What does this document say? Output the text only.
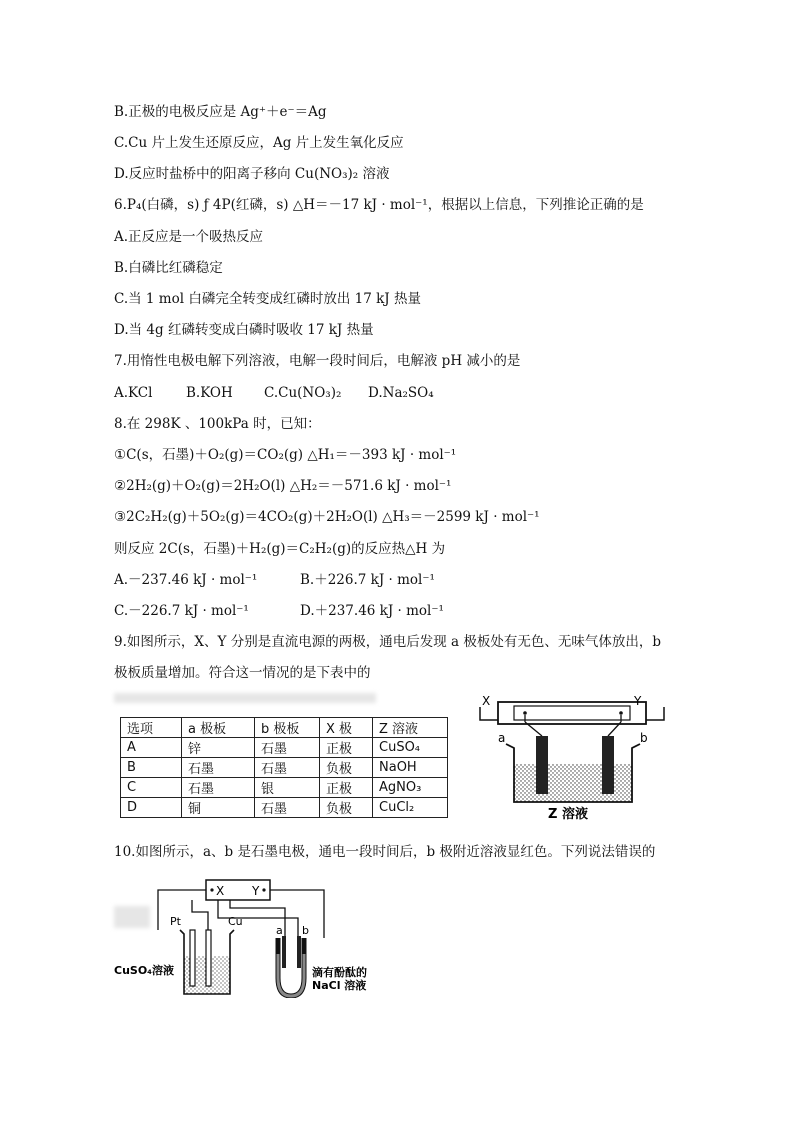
B.正极的电极反应是 Ag⁺＋e⁻＝Ag
C.Cu 片上发生还原反应，Ag 片上发生氧化反应
D.反应时盐桥中的阳离子移向 Cu(NO₃)₂ 溶液
6.P₄(白磷，s) ƒ 4P(红磷，s) △H＝－17 kJ · mol⁻¹，根据以上信息，下列推论正确的是
A.正反应是一个吸热反应
B.白磷比红磷稳定
C.当 1 mol 白磷完全转变成红磷时放出 17 kJ 热量
D.当 4g 红磷转变成白磷时吸收 17 kJ 热量
7.用惰性电极电解下列溶液，电解一段时间后，电解液 pH 减小的是
A.KCl B.KOH C.Cu(NO₃)₂ D.Na₂SO₄
8.在 298K 、100kPa 时，已知：
①C(s，石墨)＋O₂(g)＝CO₂(g) △H₁＝－393 kJ · mol⁻¹
②2H₂(g)＋O₂(g)＝2H₂O(l) △H₂＝－571.6 kJ · mol⁻¹
③2C₂H₂(g)＋5O₂(g)＝4CO₂(g)＋2H₂O(l) △H₃＝－2599 kJ · mol⁻¹
则反应 2C(s，石墨)＋H₂(g)＝C₂H₂(g)的反应热△H 为
A.－237.46 kJ · mol⁻¹	B.＋226.7 kJ · mol⁻¹
C.－226.7 kJ · mol⁻¹	D.＋237.46 kJ · mol⁻¹
9.如图所示，X、Y 分别是直流电源的两极，通电后发现 a 极板处有无色、无味气体放出，b
极板质量增加。符合这一情况的是下表中的
选项	a 极板	b 极板	X 极	Z 溶液
A	锌	石墨	正极	CuSO₄
B	石墨	石墨	负极	NaOH
C	石墨	银	正极	AgNO₃
D	铜	石墨	负极	CuCl₂
X	Y
a	b
Z 溶液
10.如图所示，a、b 是石墨电极，通电一段时间后，b 极附近溶液显红色。下列说法错误的
X Y
Pt	Cu
CuSO₄溶液
a b
滴有酚酞的
NaCl 溶液
